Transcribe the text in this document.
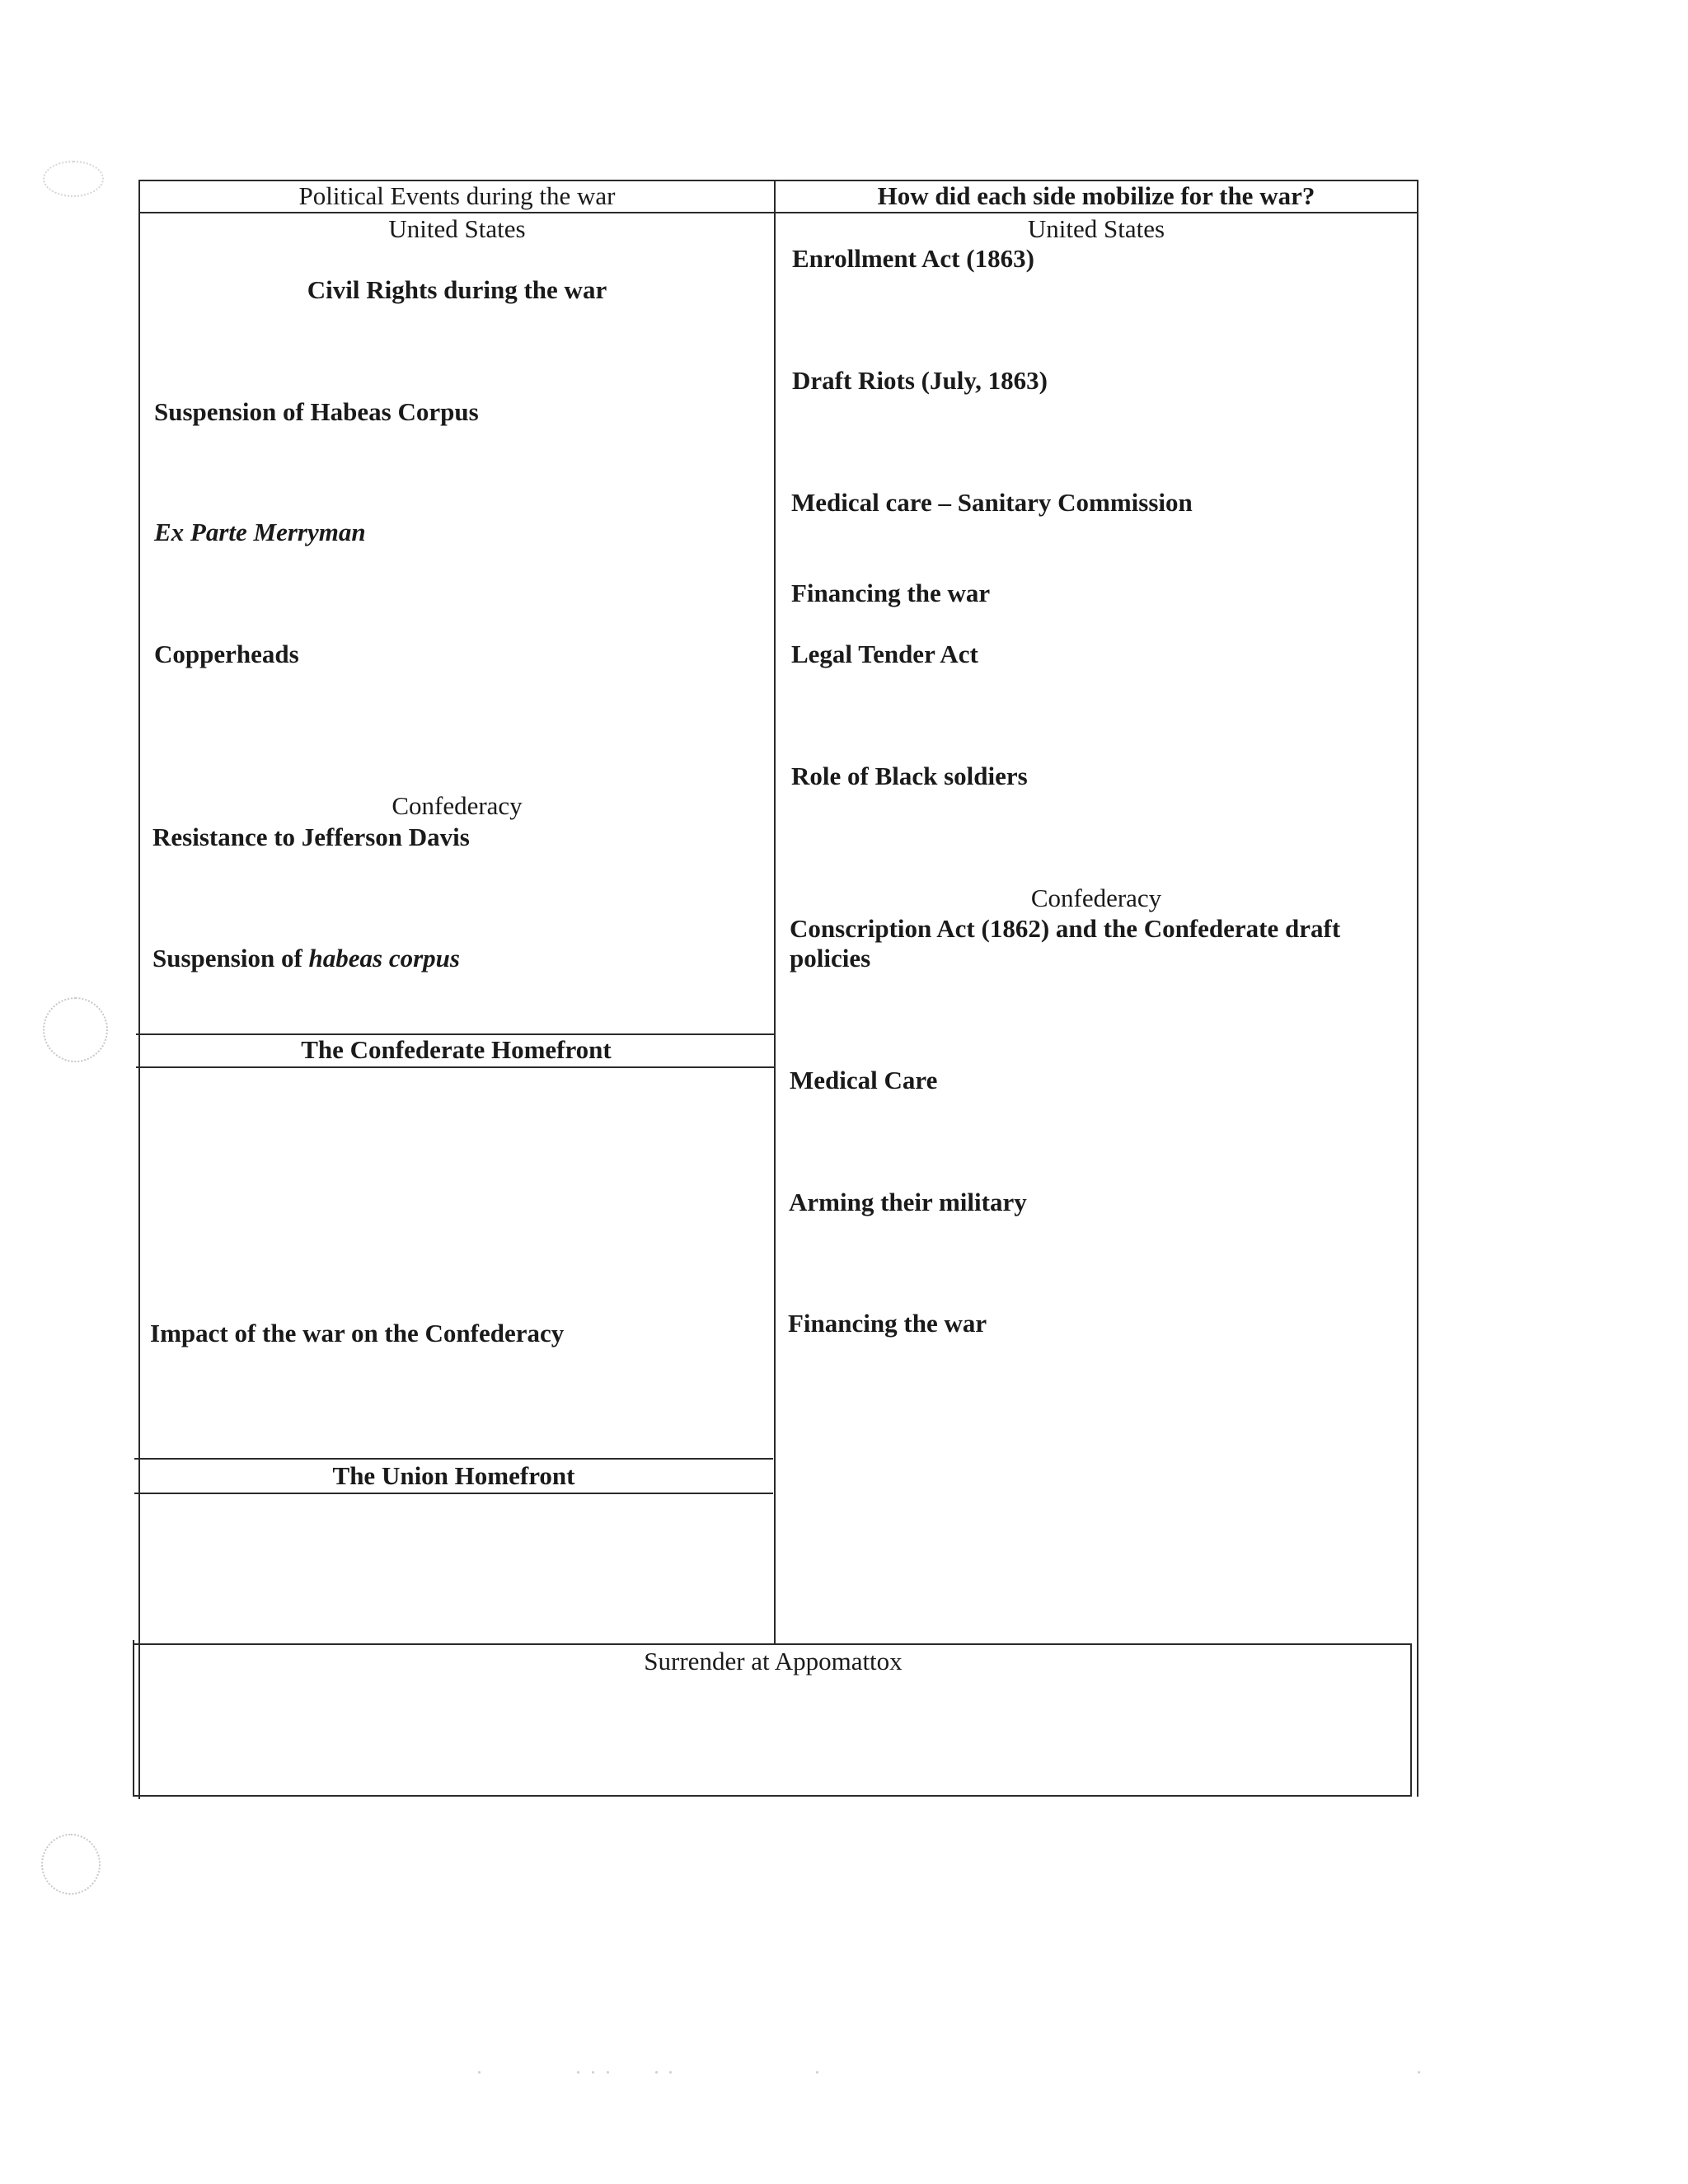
Political Events during the war	How did each side mobilize for the war?
United States
Civil Rights during the war
Suspension of Habeas Corpus
Ex Parte Merryman
Copperheads
Confederacy
Resistance to Jefferson Davis
Suspension of habeas corpus
The Confederate Homefront
Impact of the war on the Confederacy
The Union Homefront
United States
Enrollment Act (1863)
Draft Riots (July, 1863)
Medical care – Sanitary Commission
Financing the war
Legal Tender Act
Role of Black soldiers
Confederacy
Conscription Act (1862) and the Confederate draft policies
Medical Care
Arming their military
Financing the war
Surrender at Appomattox
